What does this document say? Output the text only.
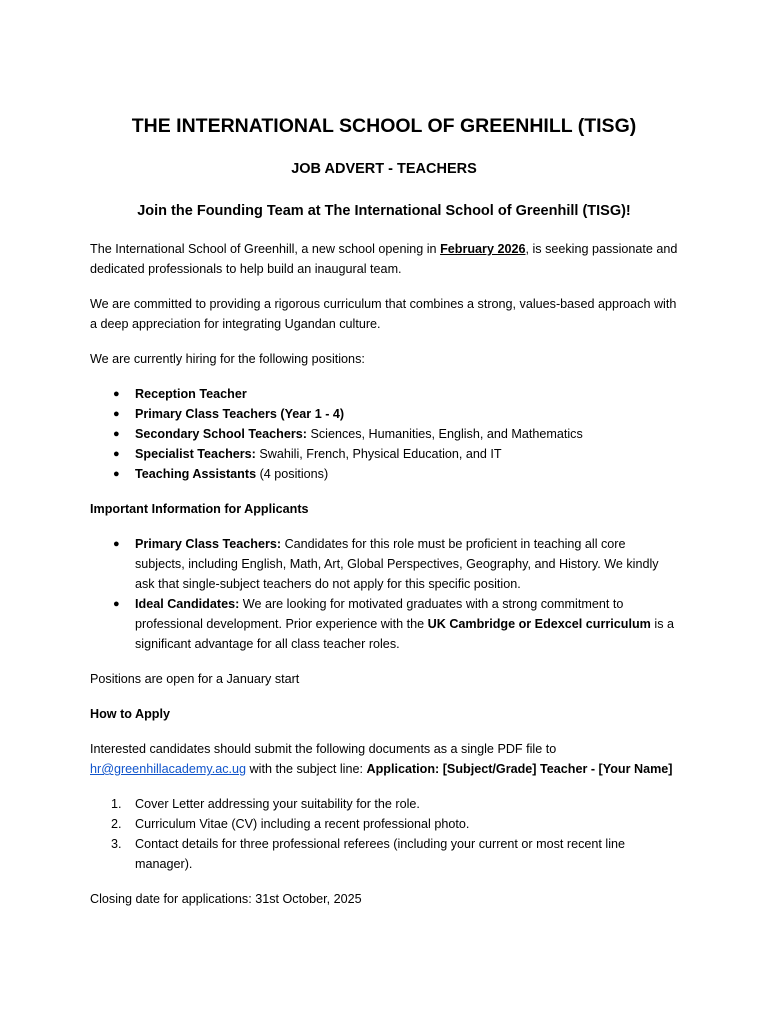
THE INTERNATIONAL SCHOOL OF GREENHILL (TISG)
JOB ADVERT - TEACHERS
Join the Founding Team at The International School of Greenhill (TISG)!

The International School of Greenhill, a new school opening in February 2026, is seeking passionate and dedicated professionals to help build an inaugural team.

We are committed to providing a rigorous curriculum that combines a strong, values-based approach with a deep appreciation for integrating Ugandan culture.

We are currently hiring for the following positions:

● Reception Teacher
● Primary Class Teachers (Year 1 - 4)
● Secondary School Teachers: Sciences, Humanities, English, and Mathematics
● Specialist Teachers: Swahili, French, Physical Education, and IT
● Teaching Assistants (4 positions)

Important Information for Applicants

● Primary Class Teachers: Candidates for this role must be proficient in teaching all core subjects, including English, Math, Art, Global Perspectives, Geography, and History. We kindly ask that single-subject teachers do not apply for this specific position.
● Ideal Candidates: We are looking for motivated graduates with a strong commitment to professional development. Prior experience with the UK Cambridge or Edexcel curriculum is a significant advantage for all class teacher roles.

Positions are open for a January start

How to Apply

Interested candidates should submit the following documents as a single PDF file to hr@greenhillacademy.ac.ug with the subject line: Application: [Subject/Grade] Teacher - [Your Name]

1. Cover Letter addressing your suitability for the role.
2. Curriculum Vitae (CV) including a recent professional photo.
3. Contact details for three professional referees (including your current or most recent line manager).

Closing date for applications: 31st October, 2025
